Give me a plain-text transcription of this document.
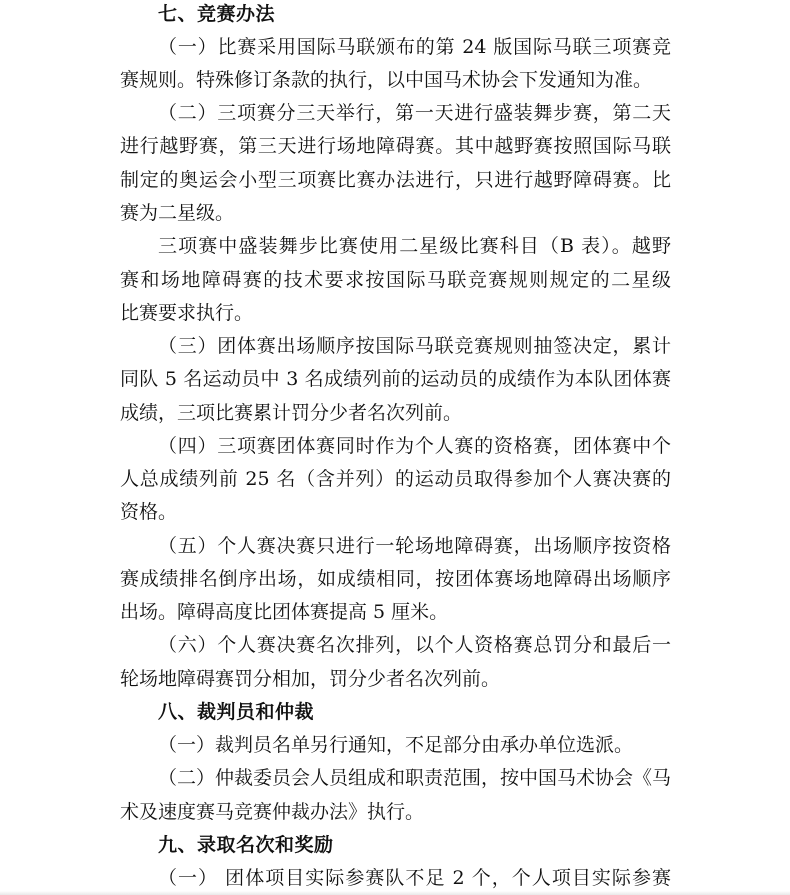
七、竞赛办法
（一）比赛采用国际马联颁布的第 24 版国际马联三项赛竞
赛规则。特殊修订条款的执行，以中国马术协会下发通知为准。
（二）三项赛分三天举行，第一天进行盛装舞步赛，第二天
进行越野赛，第三天进行场地障碍赛。其中越野赛按照国际马联
制定的奥运会小型三项赛比赛办法进行，只进行越野障碍赛。比
赛为二星级。
三项赛中盛装舞步比赛使用二星级比赛科目（B 表）。越野
赛和场地障碍赛的技术要求按国际马联竞赛规则规定的二星级
比赛要求执行。
（三）团体赛出场顺序按国际马联竞赛规则抽签决定，累计
同队 5 名运动员中 3 名成绩列前的运动员的成绩作为本队团体赛
成绩，三项比赛累计罚分少者名次列前。
（四）三项赛团体赛同时作为个人赛的资格赛，团体赛中个
人总成绩列前 25 名（含并列）的运动员取得参加个人赛决赛的
资格。
（五）个人赛决赛只进行一轮场地障碍赛，出场顺序按资格
赛成绩排名倒序出场，如成绩相同，按团体赛场地障碍出场顺序
出场。障碍高度比团体赛提高 5 厘米。
（六）个人赛决赛名次排列，以个人资格赛总罚分和最后一
轮场地障碍赛罚分相加，罚分少者名次列前。
八、裁判员和仲裁
（一）裁判员名单另行通知，不足部分由承办单位选派。
（二）仲裁委员会人员组成和职责范围，按中国马术协会《马
术及速度赛马竞赛仲裁办法》执行。
九、录取名次和奖励
（一） 团体项目实际参赛队不足 2 个，个人项目实际参赛
